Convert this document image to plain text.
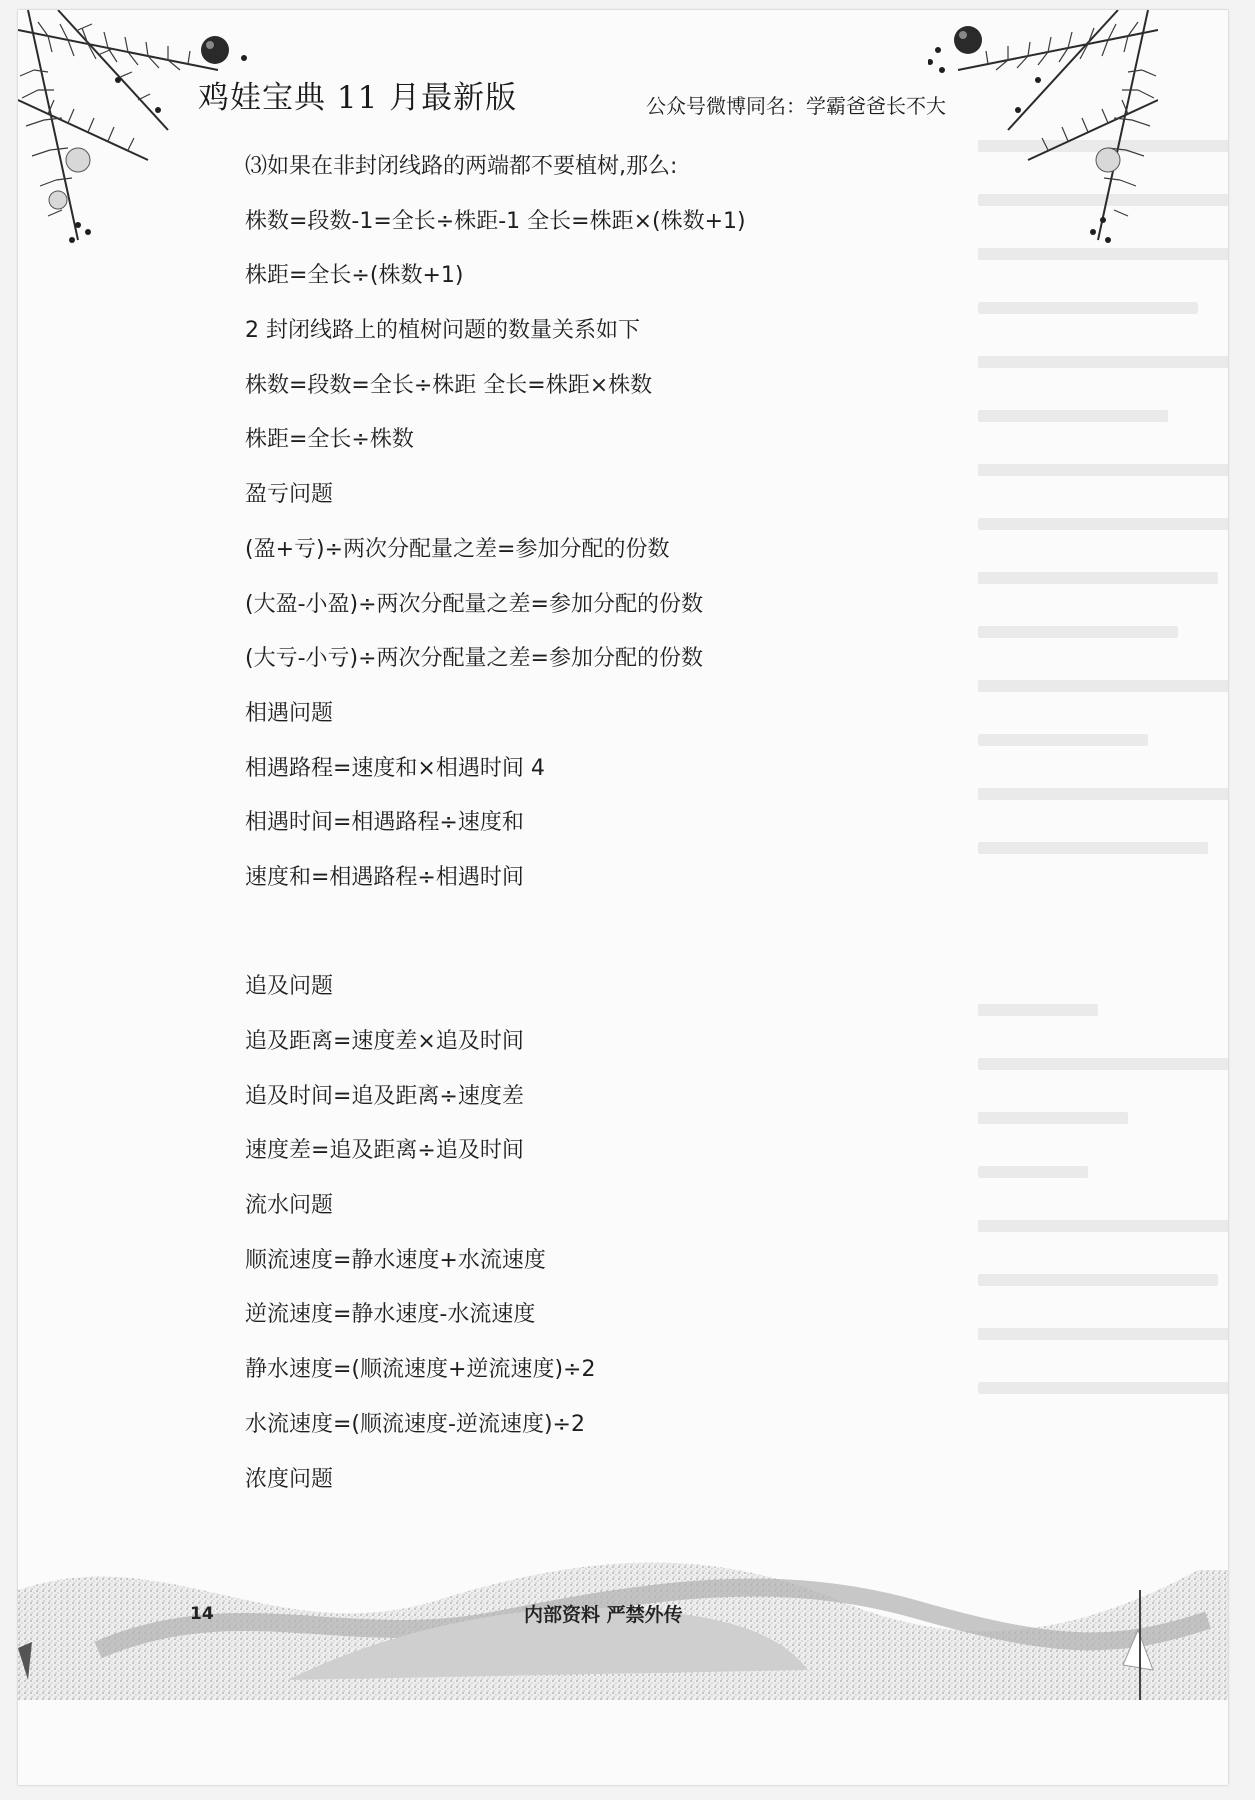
鸡娃宝典 11 月最新版	公众号微博同名：学霸爸爸长不大
⑶如果在非封闭线路的两端都不要植树,那么:
株数=段数-1=全长÷株距-1 全长=株距×(株数+1)
株距=全长÷(株数+1)
2 封闭线路上的植树问题的数量关系如下
株数=段数=全长÷株距 全长=株距×株数
株距=全长÷株数
盈亏问题
(盈+亏)÷两次分配量之差=参加分配的份数
(大盈-小盈)÷两次分配量之差=参加分配的份数
(大亏-小亏)÷两次分配量之差=参加分配的份数
相遇问题
相遇路程=速度和×相遇时间 4
相遇时间=相遇路程÷速度和
速度和=相遇路程÷相遇时间
追及问题
追及距离=速度差×追及时间
追及时间=追及距离÷速度差
速度差=追及距离÷追及时间
流水问题
顺流速度=静水速度+水流速度
逆流速度=静水速度-水流速度
静水速度=(顺流速度+逆流速度)÷2
水流速度=(顺流速度-逆流速度)÷2
浓度问题
14	内部资料 严禁外传
